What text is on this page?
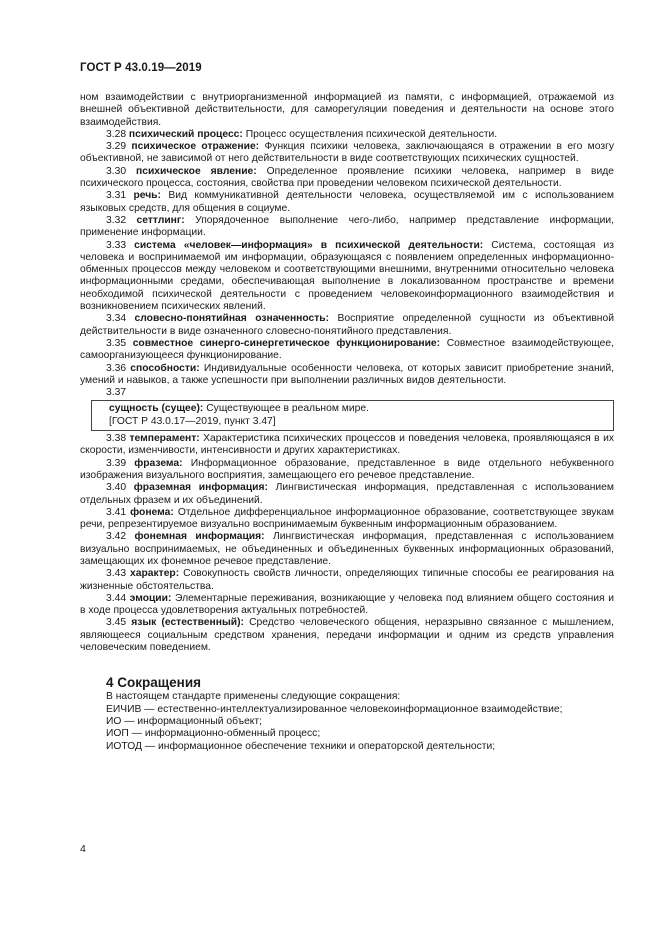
ГОСТ Р 43.0.19—2019

ном взаимодействии с внутриорганизменной информацией из памяти, с информацией, отражаемой из внешней объективной действительности, для саморегуляции поведения и деятельности на основе этого взаимодействия.

3.28 психический процесс: Процесс осуществления психической деятельности.

3.29 психическое отражение: Функция психики человека, заключающаяся в отражении в его мозгу объективной, не зависимой от него действительности в виде соответствующих психических сущностей.

3.30 психическое явление: Определенное проявление психики человека, например в виде психического процесса, состояния, свойства при проведении человеком психической деятельности.

3.31 речь: Вид коммуникативной деятельности человека, осуществляемой им с использованием языковых средств, для общения в социуме.

3.32 сеттлинг: Упорядоченное выполнение чего-либо, например представление информации, применение информации.

3.33 система «человек—информация» в психической деятельности: Система, состоящая из человека и воспринимаемой им информации, образующаяся с появлением определенных информационно-обменных процессов между человеком и соответствующими внешними, внутренними относительно человека информационными средами, обеспечивающая выполнение в локализованном пространстве и времени необходимой психической деятельности с проведением человекоинформационного взаимодействия и возникновением психических явлений.

3.34 словесно-понятийная означенность: Восприятие определенной сущности из объективной действительности в виде означенного словесно-понятийного представления.

3.35 совместное синерго-синергетическое функционирование: Совместное взаимодействующее, самоорганизующееся функционирование.

3.36 способности: Индивидуальные особенности человека, от которых зависит приобретение знаний, умений и навыков, а также успешности при выполнении различных видов деятельности.

3.37

сущность (сущее): Существующее в реальном мире.

[ГОСТ Р 43.0.17—2019, пункт 3.47]

3.38 темперамент: Характеристика психических процессов и поведения человека, проявляющаяся в их скорости, изменчивости, интенсивности и других характеристиках.

3.39 фразема: Информационное образование, представленное в виде отдельного небуквенного изображения визуального восприятия, замещающего его речевое представление.

3.40 фраземная информация: Лингвистическая информация, представленная с использованием отдельных фразем и их объединений.

3.41 фонема: Отдельное дифференциальное информационное образование, соответствующее звукам речи, репрезентируемое визуально воспринимаемым буквенным информационным образованием.

3.42 фонемная информация: Лингвистическая информация, представленная с использованием визуально воспринимаемых, не объединенных и объединенных буквенных информационных образований, замещающих их фонемное речевое представление.

3.43 характер: Совокупность свойств личности, определяющих типичные способы ее реагирования на жизненные обстоятельства.

3.44 эмоции: Элементарные переживания, возникающие у человека под влиянием общего состояния и в ходе процесса удовлетворения актуальных потребностей.

3.45 язык (естественный): Средство человеческого общения, неразрывно связанное с мышлением, являющееся социальным средством хранения, передачи информации и одним из средств управления человеческим поведением.

4 Сокращения

В настоящем стандарте применены следующие сокращения:

ЕИЧИВ — естественно-интеллектуализированное человекоинформационное взаимодействие;

ИО — информационный объект;

ИОП — информационно-обменный процесс;

ИОТОД — информационное обеспечение техники и операторской деятельности;

4
